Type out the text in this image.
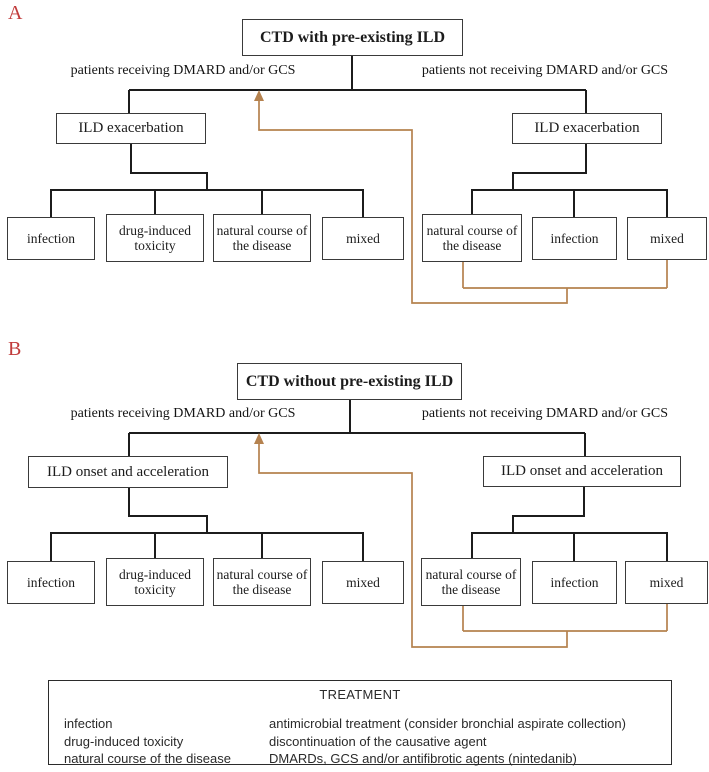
A
CTD with pre-existing ILD
patients receiving DMARD and/or GCS	patients not receiving DMARD and/or GCS
ILD exacerbation	ILD exacerbation
infection
drug-induced toxicity
natural course of the disease	mixed
natural course of the disease	infection	mixed
B
CTD without pre-existing ILD
patients receiving DMARD and/or GCS	patients not receiving DMARD and/or GCS
ILD onset and acceleration	ILD onset and acceleration
infection
drug-induced toxicity
natural course of the disease	mixed
natural course of the disease	infection	mixed
TREATMENT
infection	antimicrobial treatment (consider bronchial aspirate collection)
drug-induced toxicity	discontinuation of the causative agent
natural course of the disease	DMARDs, GCS and/or antifibrotic agents (nintedanib)
